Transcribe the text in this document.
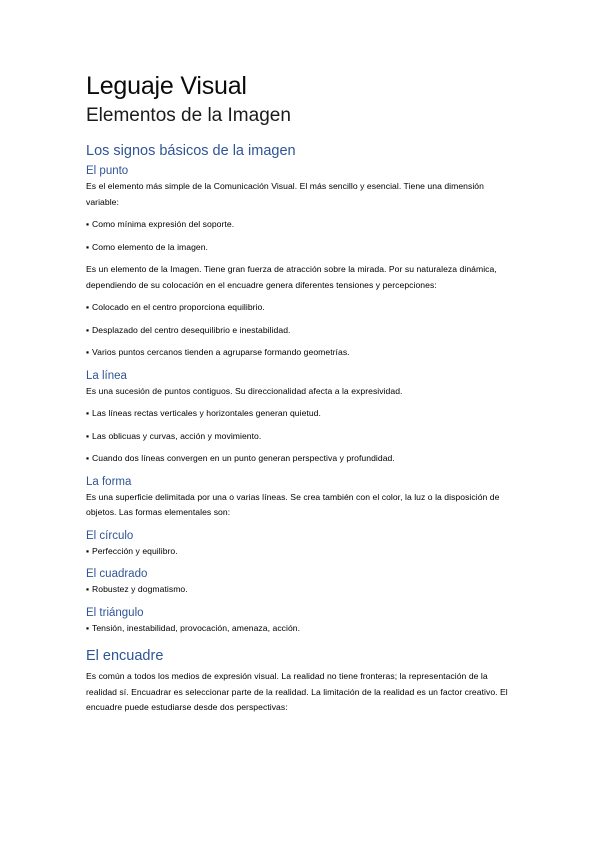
Leguaje Visual
Elementos de la Imagen
Los signos básicos de la imagen
El punto

Es el elemento más simple de la Comunicación Visual. El más sencillo y esencial. Tiene una dimensión variable:

▪ Como mínima expresión del soporte.

▪ Como elemento de la imagen.

Es un elemento de la Imagen. Tiene gran fuerza de atracción sobre la mirada. Por su naturaleza dinámica, dependiendo de su colocación en el encuadre genera diferentes tensiones y percepciones:

▪ Colocado en el centro proporciona equilibrio.

▪ Desplazado del centro desequilibrio e inestabilidad.

▪ Varios puntos cercanos tienden a agruparse formando geometrías.

La línea

Es una sucesión de puntos contiguos. Su direccionalidad afecta a la expresividad.

▪ Las líneas rectas verticales y horizontales generan quietud.

▪ Las oblicuas y curvas, acción y movimiento.

▪ Cuando dos líneas convergen en un punto generan perspectiva y profundidad.

La forma

Es una superficie delimitada por una o varias líneas. Se crea también con el color, la luz o la disposición de objetos. Las formas elementales son:

El círculo

▪ Perfección y equilibro.

El cuadrado

▪ Robustez y dogmatismo.

El triángulo

▪ Tensión, inestabilidad, provocación, amenaza, acción.

El encuadre

Es común a todos los medios de expresión visual. La realidad no tiene fronteras; la representación de la realidad sí. Encuadrar es seleccionar parte de la realidad. La limitación de la realidad es un factor creativo. El encuadre puede estudiarse desde dos perspectivas:
